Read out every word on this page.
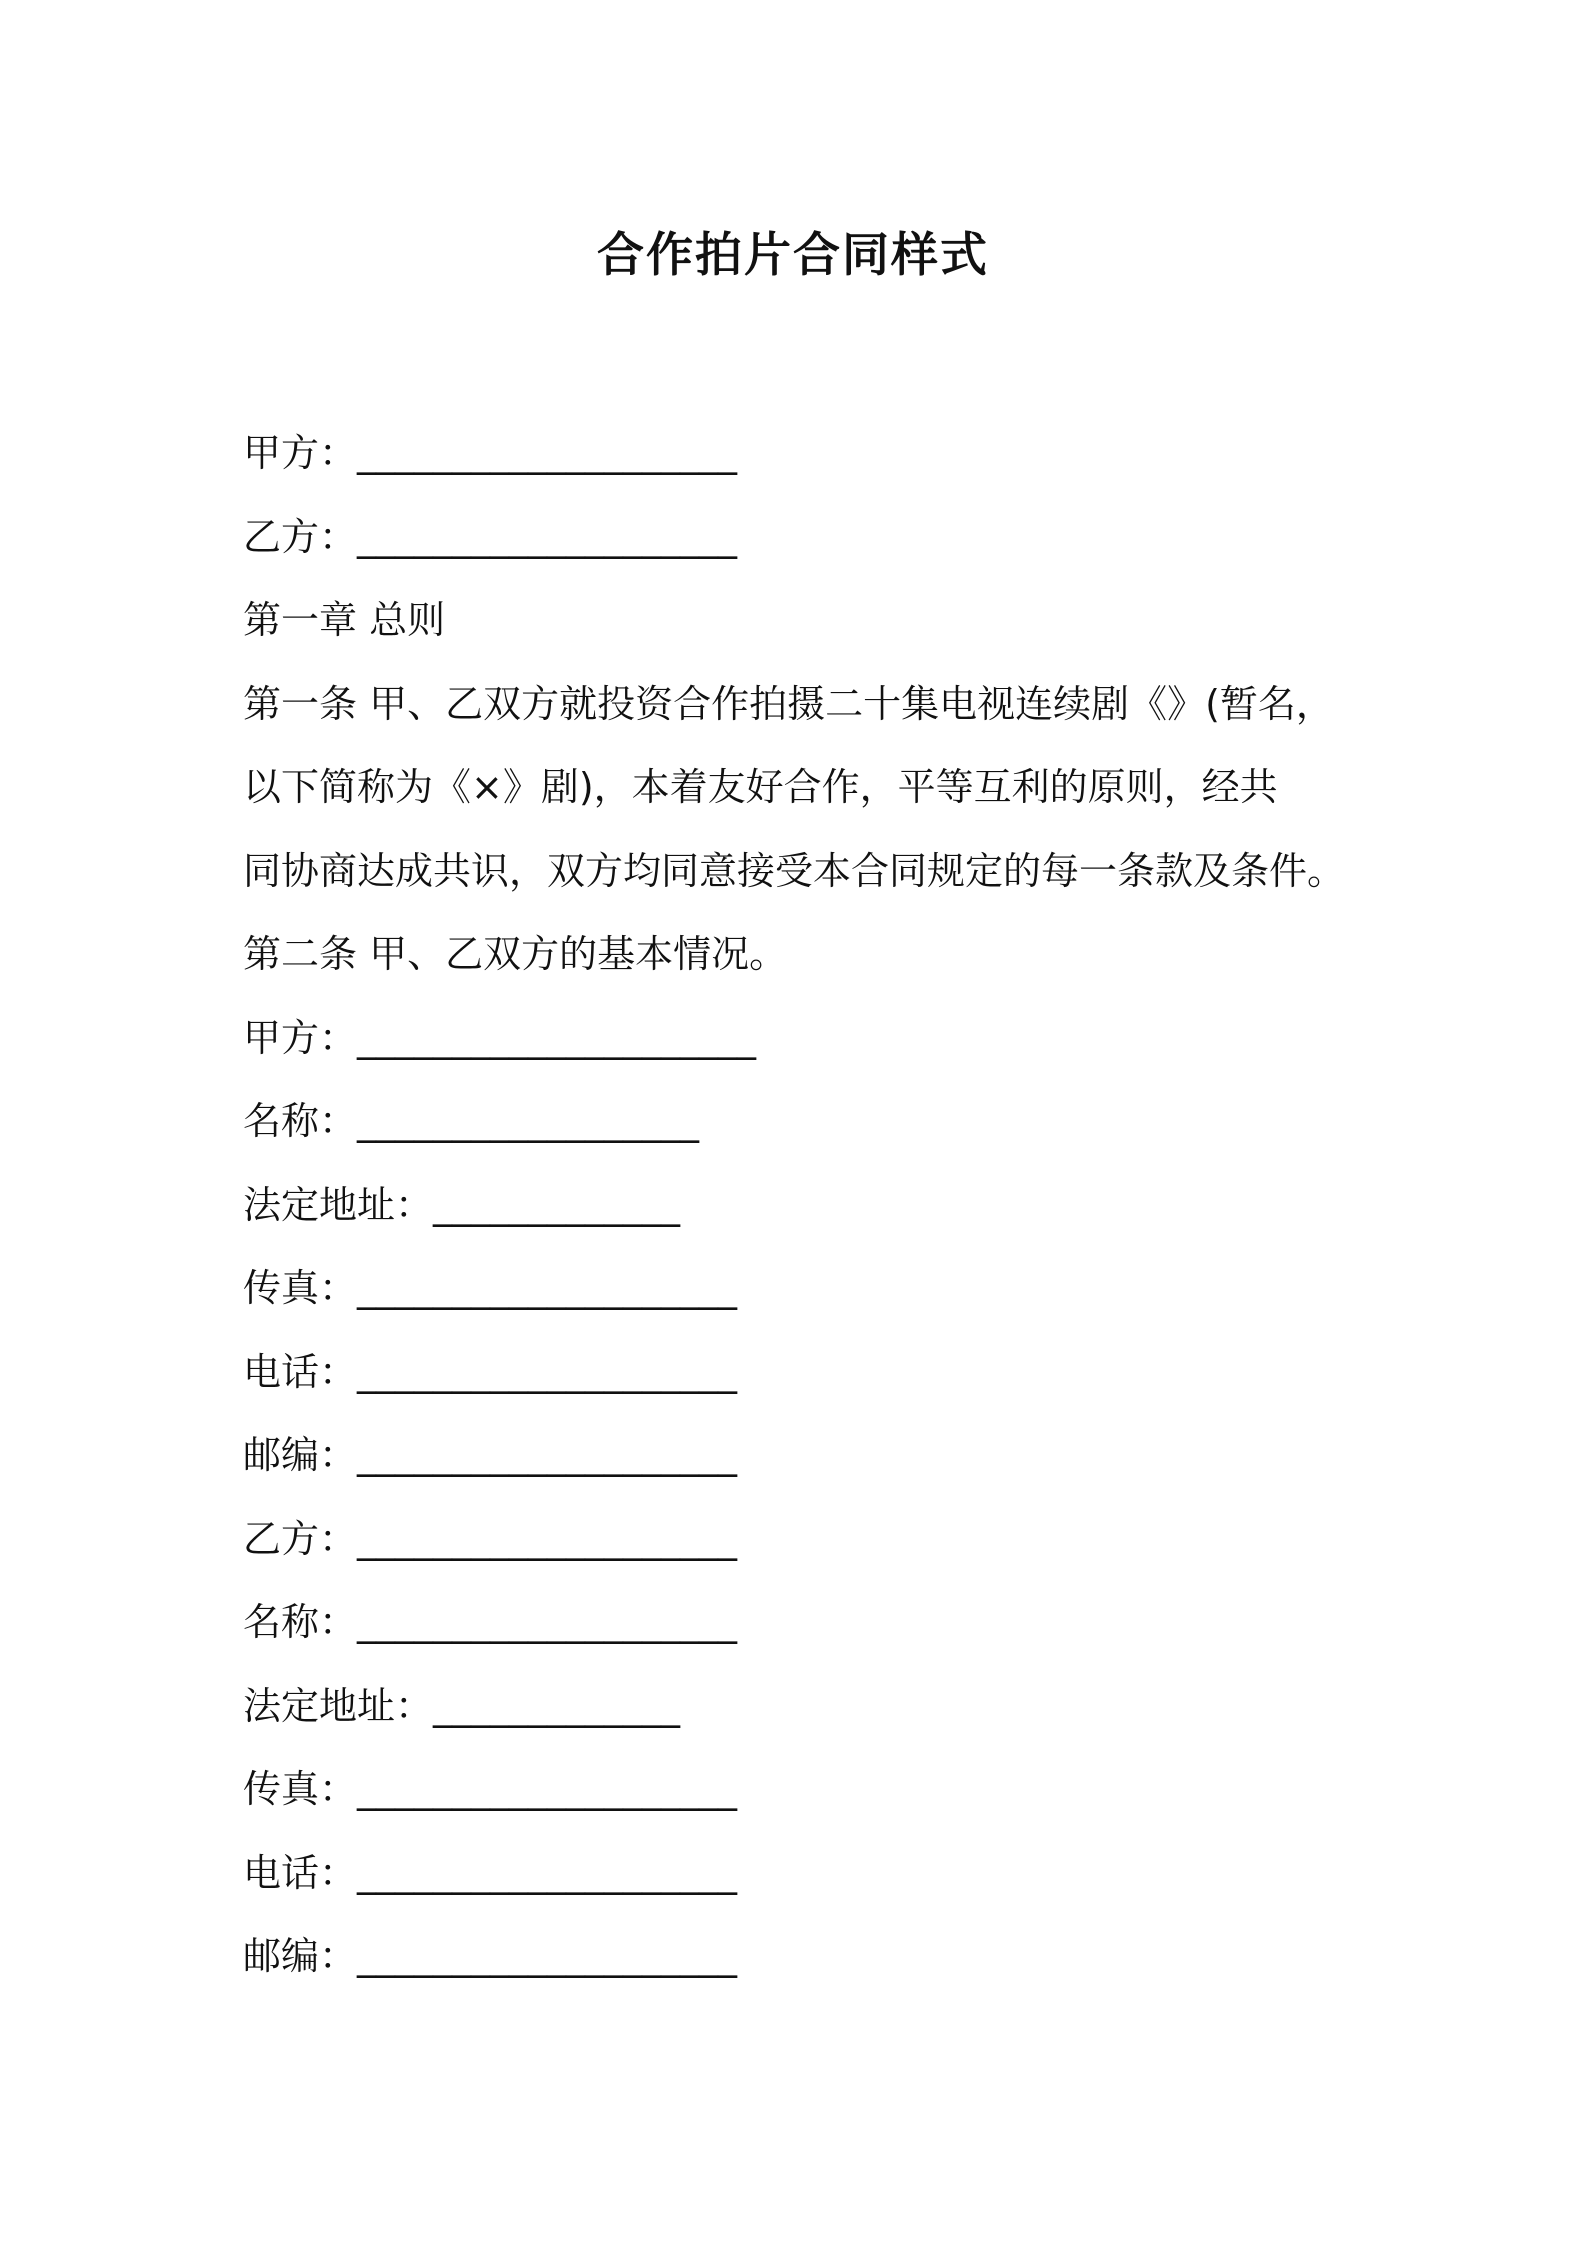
合作拍片合同样式
甲方：____________________
乙方：____________________
第一章 总则
第一条 甲、乙双方就投资合作拍摄二十集电视连续剧《》(暂名，
以下简称为《×》剧)，本着友好合作，平等互利的原则，经共
同协商达成共识，双方均同意接受本合同规定的每一条款及条件。
第二条 甲、乙双方的基本情况。
甲方：_____________________
名称：__________________
法定地址：_____________
传真：____________________
电话：____________________
邮编：____________________
乙方：____________________
名称：____________________
法定地址：_____________
传真：____________________
电话：____________________
邮编：____________________
